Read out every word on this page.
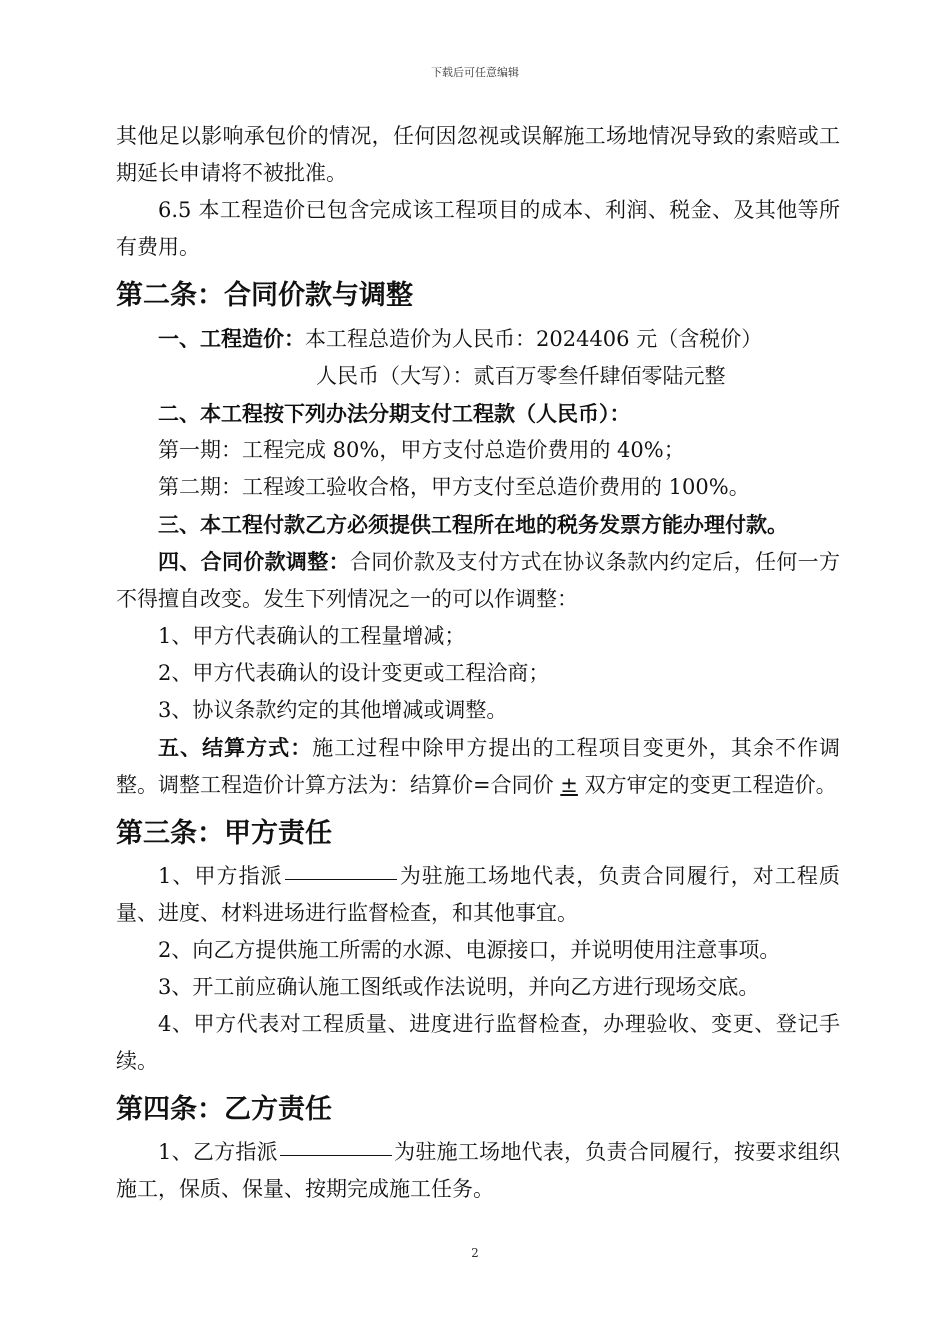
下载后可任意编辑

其他足以影响承包价的情况，任何因忽视或误解施工场地情况导致的索赔或工期延长申请将不被批准。

6.5 本工程造价已包含完成该工程项目的成本、利润、税金、及其他等所有费用。

第二条：合同价款与调整

一、工程造价：本工程总造价为人民币：2024406 元（含税价）

人民币（大写）：贰百万零叁仟肆佰零陆元整

二、本工程按下列办法分期支付工程款（人民币）：

第一期：工程完成 80%，甲方支付总造价费用的 40%；

第二期：工程竣工验收合格，甲方支付至总造价费用的 100%。

三、本工程付款乙方必须提供工程所在地的税务发票方能办理付款。

四、合同价款调整：合同价款及支付方式在协议条款内约定后，任何一方不得擅自改变。发生下列情况之一的可以作调整：

1、甲方代表确认的工程量增减；

2、甲方代表确认的设计变更或工程洽商；

3、协议条款约定的其他增减或调整。

五、结算方式：施工过程中除甲方提出的工程项目变更外，其余不作调整。调整工程造价计算方法为：结算价=合同价 ± 双方审定的变更工程造价。

第三条：甲方责任

1、甲方指派	为驻施工场地代表，负责合同履行，对工程质量、进度、材料进场进行监督检查，和其他事宜。

2、向乙方提供施工所需的水源、电源接口，并说明使用注意事项。

3、开工前应确认施工图纸或作法说明，并向乙方进行现场交底。

4、甲方代表对工程质量、进度进行监督检查，办理验收、变更、登记手续。

第四条：乙方责任

1、乙方指派	为驻施工场地代表，负责合同履行，按要求组织施工，保质、保量、按期完成施工任务。

2
